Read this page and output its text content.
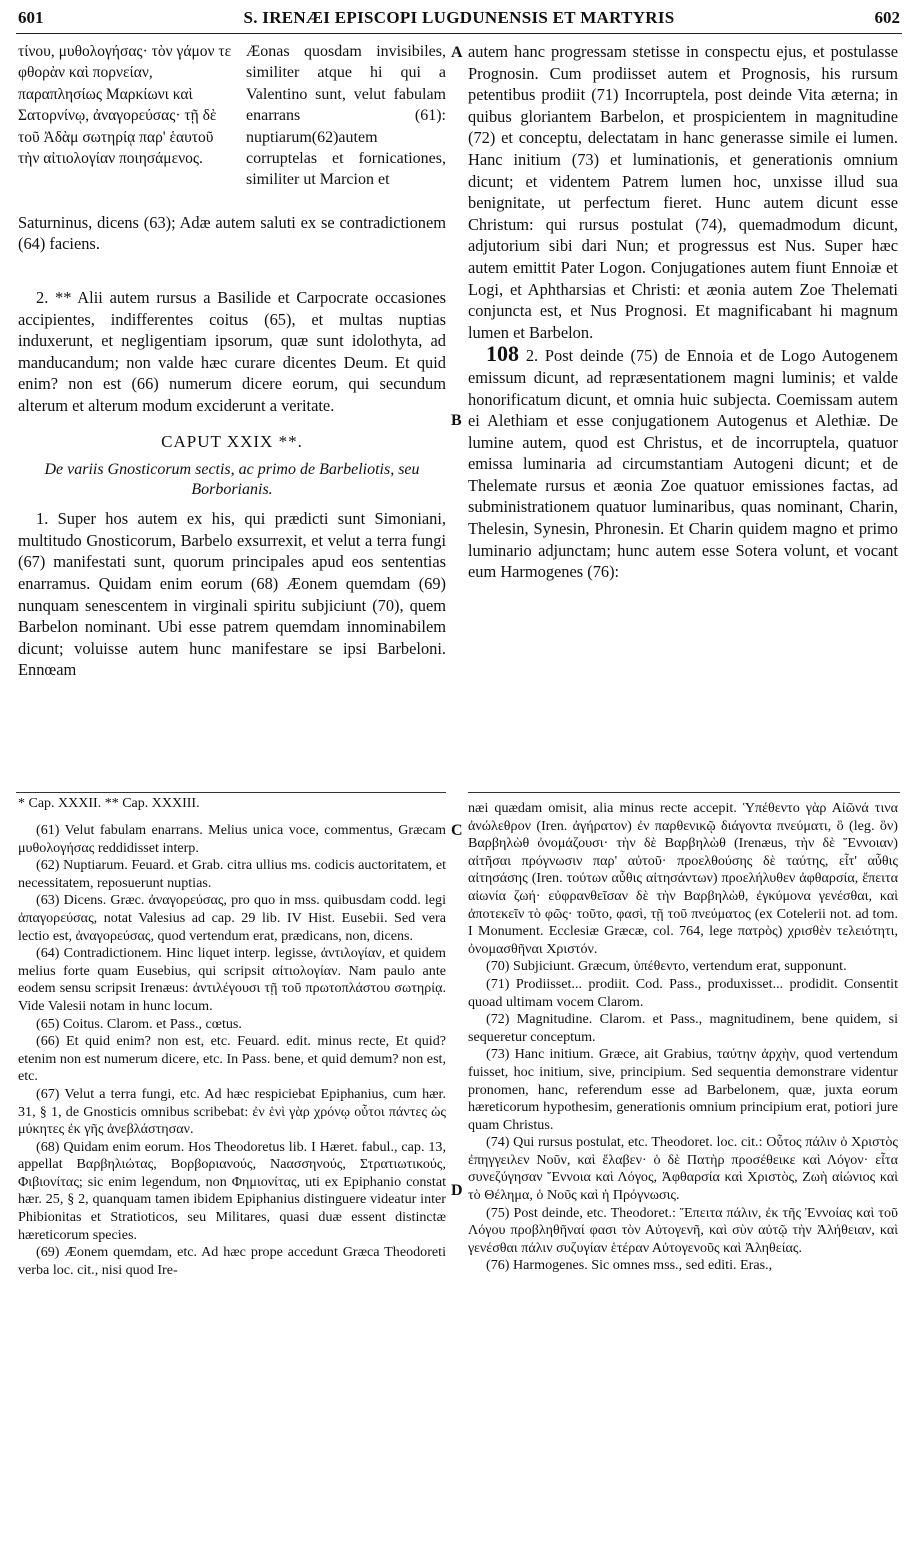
601	S. IRENÆI EPISCOPI LUGDUNENSIS ET MARTYRIS	602
A
B
C
D
τίνου, μυθολογήσας· τὸν γάμον τε φθορὰν καὶ πορνείαν, παραπλησίως Μαρκίωνι καὶ Σατορνίνῳ, ἀναγορεύσας· τῇ δὲ τοῦ Ἀδὰμ σωτηρίᾳ παρ' ἑαυτοῦ τὴν αἰτιολογίαν ποιησάμενος.
Æonas quosdam invisibiles, similiter atque hi qui a Valentino sunt, velut fabulam enarrans (61): nuptiarum(62)autem corruptelas et fornicationes, similiter ut Marcion et
Saturninus, dicens (63); Adæ autem saluti ex se contradictionem (64) faciens.

2. ** Alii autem rursus a Basilide et Carpocrate occasiones accipientes, indifferentes coitus (65), et multas nuptias induxerunt, et negligentiam ipsorum, quæ sunt idolothyta, ad manducandum; non valde hæc curare dicentes Deum. Et quid enim? non est (66) numerum dicere eorum, qui secundum alterum et alterum modum exciderunt a veritate.

CAPUT XXIX **.
De variis Gnosticorum sectis, ac primo de Barbeliotis, seu Borborianis.

1. Super hos autem ex his, qui prædicti sunt Simoniani, multitudo Gnosticorum, Barbelo exsurrexit, et velut a terra fungi (67) manifestati sunt, quorum principales apud eos sententias enarramus. Quidam enim eorum (68) Æonem quemdam (69) nunquam senescentem in virginali spiritu subjiciunt (70), quem Barbelon nominant. Ubi esse patrem quemdam innominabilem dicunt; voluisse autem hunc manifestare se ipsi Barbeloni. Ennœam

autem hanc progressam stetisse in conspectu ejus, et postulasse Prognosin. Cum prodiisset autem et Prognosis, his rursum petentibus prodiit (71) Incorruptela, post deinde Vita æterna; in quibus gloriantem Barbelon, et prospicientem in magnitudine (72) et conceptu, delectatam in hanc generasse simile ei lumen. Hanc initium (73) et luminationis, et generationis omnium dicunt; et videntem Patrem lumen hoc, unxisse illud sua benignitate, ut perfectum fieret. Hunc autem dicunt esse Christum: qui rursus postulat (74), quemadmodum dicunt, adjutorium sibi dari Nun; et progressus est Nus. Super hæc autem emittit Pater Logon. Conjugationes autem fiunt Ennoiæ et Logi, et Aphtharsias et Christi: et æonia autem Zoe Thelemati conjuncta est, et Nus Prognosi. Et magnificabant hi magnum lumen et Barbelon.

108 2. Post deinde (75) de Ennoia et de Logo Autogenem emissum dicunt, ad repræsentationem magni luminis; et valde honorificatum dicunt, et omnia huic subjecta. Coemissam autem ei Alethiam et esse conjugationem Autogenus et Alethiæ. De lumine autem, quod est Christus, et de incorruptela, quatuor emissa luminaria ad circumstantiam Autogeni dicunt; et de Thelemate rursus et æonia Zoe quatuor emissiones factas, ad subministrationem quatuor luminaribus, quas nominant, Charin, Thelesin, Synesin, Phronesin. Et Charin quidem magno et primo luminario adjunctam; hunc autem esse Sotera volunt, et vocant eum Harmogenes (76):

* Cap. XXXII. ** Cap. XXXIII.

(61) Velut fabulam enarrans. Melius unica voce, commentus, Græcam μυθολογήσας reddidisset interp.

(62) Nuptiarum. Feuard. et Grab. citra ullius ms. codicis auctoritatem, et necessitatem, reposuerunt nuptias.

(63) Dicens. Græc. ἀναγορεύσας, pro quo in mss. quibusdam codd. legi ἀπαγορεύσας, notat Valesius ad cap. 29 lib. IV Hist. Eusebii. Sed vera lectio est, ἀναγορεύσας, quod vertendum erat, prædicans, non, dicens.

(64) Contradictionem. Hinc liquet interp. legisse, ἀντιλογίαν, et quidem melius forte quam Eusebius, qui scripsit αἰτιολογίαν. Nam paulo ante eodem sensu scripsit Irenæus: ἀντιλέγουσι τῇ τοῦ πρωτοπλάστου σωτηρίᾳ. Vide Valesii notam in hunc locum.

(65) Coitus. Clarom. et Pass., cœtus.

(66) Et quid enim? non est, etc. Feuard. edit. minus recte, Et quid? etenim non est numerum dicere, etc. In Pass. bene, et quid demum? non est, etc.

(67) Velut a terra fungi, etc. Ad hæc respiciebat Epiphanius, cum hær. 31, § 1, de Gnosticis omnibus scribebat: ἐν ἑνὶ γὰρ χρόνῳ οὗτοι πάντες ὡς μύκητες ἐκ γῆς ἀνεβλάστησαν.

(68) Quidam enim eorum. Hos Theodoretus lib. I Hæret. fabul., cap. 13, appellat Βαρβηλιώτας, Βορβοριανούς, Νaασσηνούς, Στρατιωτικούς, Φιβιονίτας; sic enim legendum, non Φημιονίτας, uti ex Epiphanio constat hær. 25, § 2, quanquam tamen ibidem Epiphanius distinguere videatur inter Phibionitas et Stratioticos, seu Militares, quasi duæ essent distinctæ hæreticorum species.

(69) Æonem quemdam, etc. Ad hæc prope accedunt Græca Theodoreti verba loc. cit., nisi quod Ire-

næi quædam omisit, alia minus recte accepit. Ὑπέθεντο γὰρ Αἰῶνά τινα ἀνώλεθρον (Iren. ἀγήρατον) ἐν παρθενικῷ διάγοντα πνεύματι, ὃ (leg. ὃν) Βαρβηλὼθ ὀνομάζουσι· τὴν δὲ Βαρβηλὼθ (Irenæus, τὴν δὲ Ἔννοιαν) αἰτῆσαι πρόγνωσιν παρ' αὐτοῦ· προελθούσης δὲ ταύτης, εἶτ' αὖθις αἰτησάσης (Iren. τούτων αὖθις αἰτησάντων) προελήλυθεν ἀφθαρσία, ἔπειτα αἰωνία ζωή· εὐφρανθεῖσαν δὲ τὴν Βαρβηλὼθ, ἐγκύμονα γενέσθαι, καὶ ἀποτεκεῖν τὸ φῶς· τοῦτο, φασὶ, τῇ τοῦ πνεύματος (ex Cotelerii not. ad tom. I Monument. Ecclesiæ Græcæ, col. 764, lege πατρὸς) χρισθὲν τελειότητι, ὀνομασθῆναι Χριστόν.

(70) Subjiciunt. Græcum, ὑπέθεντο, vertendum erat, supponunt.

(71) Prodiisset... prodiit. Cod. Pass., produxisset... prodidit. Consentit quoad ultimam vocem Clarom.

(72) Magnitudine. Clarom. et Pass., magnitudinem, bene quidem, si sequeretur conceptum.

(73) Hanc initium. Græce, ait Grabius, ταύτην ἀρχὴν, quod vertendum fuisset, hoc initium, sive, principium. Sed sequentia demonstrare videntur pronomen, hanc, referendum esse ad Barbelonem, quæ, juxta eorum hæreticorum hypothesim, generationis omnium principium erat, potiori jure quam Christus.

(74) Qui rursus postulat, etc. Theodoret. loc. cit.: Οὗτος πάλιν ὁ Χριστὸς ἐπηγγειλεν Νοῦν, καὶ ἔλαβεν· ὁ δὲ Πατὴρ προσέθεικε καὶ Λόγον· εἶτα συνεζύγησαν Ἔννοια καὶ Λόγος, Ἀφθαρσία καὶ Χριστὸς, Ζωὴ αἰώνιος καὶ τὸ Θέλημα, ὁ Νοῦς καὶ ἡ Πρόγνωσις.

(75) Post deinde, etc. Theodoret.: Ἔπειτα πάλιν, ἐκ τῆς Ἐννοίας καὶ τοῦ Λόγου προβληθῆναί φασι τὸν Αὐτογενῆ, καὶ σὺν αὐτῷ τὴν Ἀλήθειαν, καὶ γενέσθαι πάλιν συζυγίαν ἑτέραν Αὐτογενοῦς καὶ Ἀληθείας.

(76) Harmogenes. Sic omnes mss., sed editi. Eras.,
